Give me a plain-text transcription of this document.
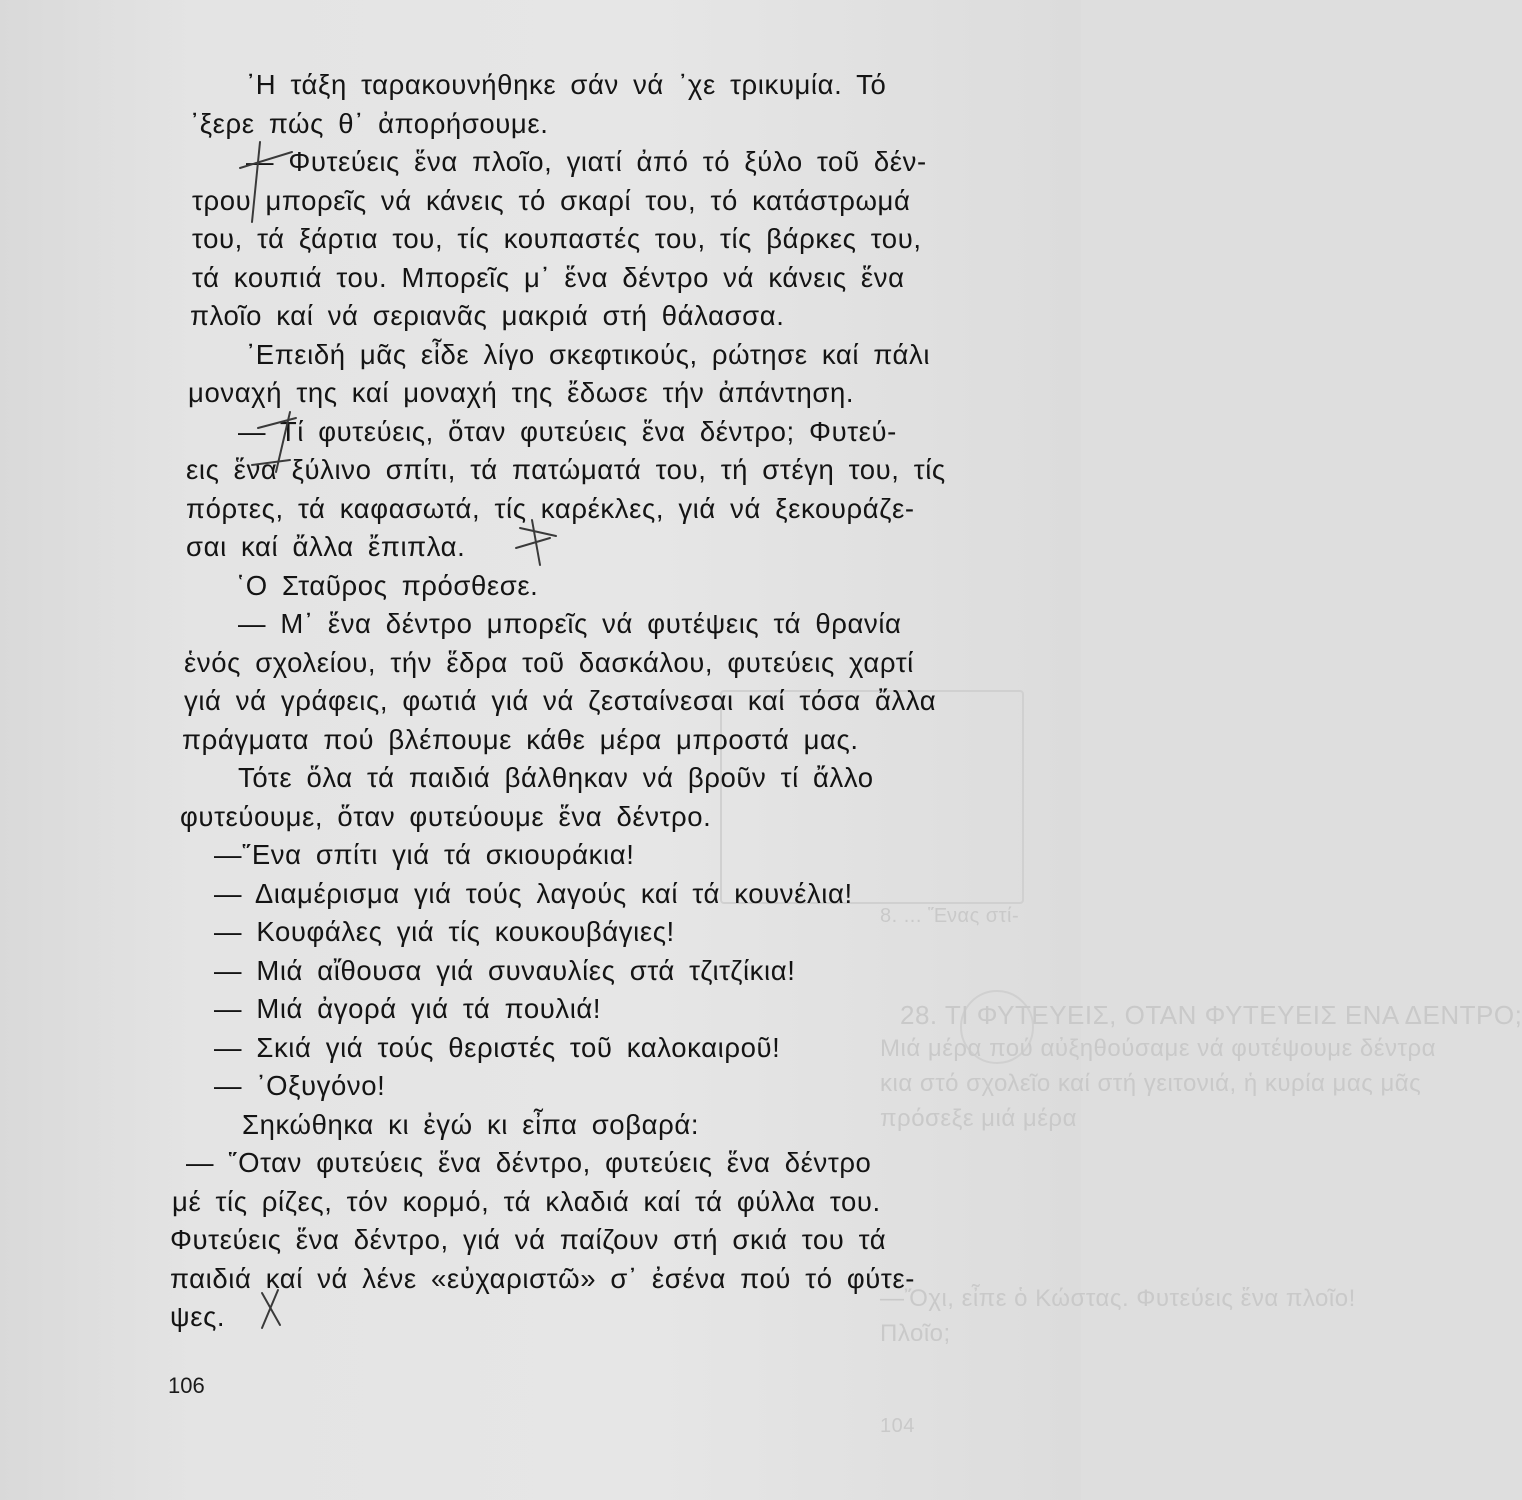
8. ... Ἕνας στί-
28. ΤΙ ΦΥΤΕΥΕΙΣ, ΟΤΑΝ ΦΥΤΕΥΕΙΣ ΕΝΑ ΔΕΝΤΡΟ;
Μιά μέρα πού αὐξηθούσαμε νά φυτέψουμε δέντρα
κια στό σχολεῖο καί στή γειτονιά, ἡ κυρία μας μᾶς
πρόσεξε μιά μέρα
—Ὄχι, εἶπε ὁ Κώστας. Φυτεύεις ἕνα πλοῖο!
Πλοῖο;
104
᾿Η τάξη ταρακουνήθηκε σάν νά ᾿χε τρικυμία. Τό
᾿ξερε πώς θ᾿ ἀπορήσουμε.
— Φυτεύεις ἕνα πλοῖο, γιατί ἀπό τό ξύλο τοῦ δέν-
τρου μπορεῖς νά κάνεις τό σκαρί του, τό κατάστρωμά
του, τά ξάρτια του, τίς κουπαστές του, τίς βάρκες του,
τά κουπιά του. Μπορεῖς μ᾿ ἕνα δέντρο νά κάνεις ἕνα
πλοῖο καί νά σεριανᾶς μακριά στή θάλασσα.
᾿Επειδή μᾶς εἶδε λίγο σκεφτικούς, ρώτησε καί πάλι
μοναχή της καί μοναχή της ἔδωσε τήν ἀπάντηση.
— Τί φυτεύεις, ὅταν φυτεύεις ἕνα δέντρο; Φυτεύ-
εις ἕνα ξύλινο σπίτι, τά πατώματά του, τή στέγη του, τίς
πόρτες, τά καφασωτά, τίς καρέκλες, γιά νά ξεκουράζε-
σαι καί ἄλλα ἔπιπλα.
῾Ο Σταῦρος πρόσθεσε.
— Μ᾿ ἕνα δέντρο μπορεῖς νά φυτέψεις τά θρανία
ἑνός σχολείου, τήν ἕδρα τοῦ δασκάλου, φυτεύεις χαρτί
γιά νά γράφεις, φωτιά γιά νά ζεσταίνεσαι καί τόσα ἄλλα
πράγματα πού βλέπουμε κάθε μέρα μπροστά μας.
Τότε ὅλα τά παιδιά βάλθηκαν νά βροῦν τί ἄλλο
φυτεύουμε, ὅταν φυτεύουμε ἕνα δέντρο.
—῞Ενα σπίτι γιά τά σκιουράκια!
— Διαμέρισμα γιά τούς λαγούς καί τά κουνέλια!
— Κουφάλες γιά τίς κουκουβάγιες!
— Μιά αἴθουσα γιά συναυλίες στά τζιτζίκια!
— Μιά ἀγορά γιά τά πουλιά!
— Σκιά γιά τούς θεριστές τοῦ καλοκαιροῦ!
— ᾿Οξυγόνο!
Σηκώθηκα κι ἐγώ κι εἶπα σοβαρά:
— ῞Οταν φυτεύεις ἕνα δέντρο, φυτεύεις ἕνα δέντρο
μέ τίς ρίζες, τόν κορμό, τά κλαδιά καί τά φύλλα του.
Φυτεύεις ἕνα δέντρο, γιά νά παίζουν στή σκιά του τά
παιδιά καί νά λένε «εὐχαριστῶ» σ᾿ ἐσένα πού τό φύτε-
ψες.
106
